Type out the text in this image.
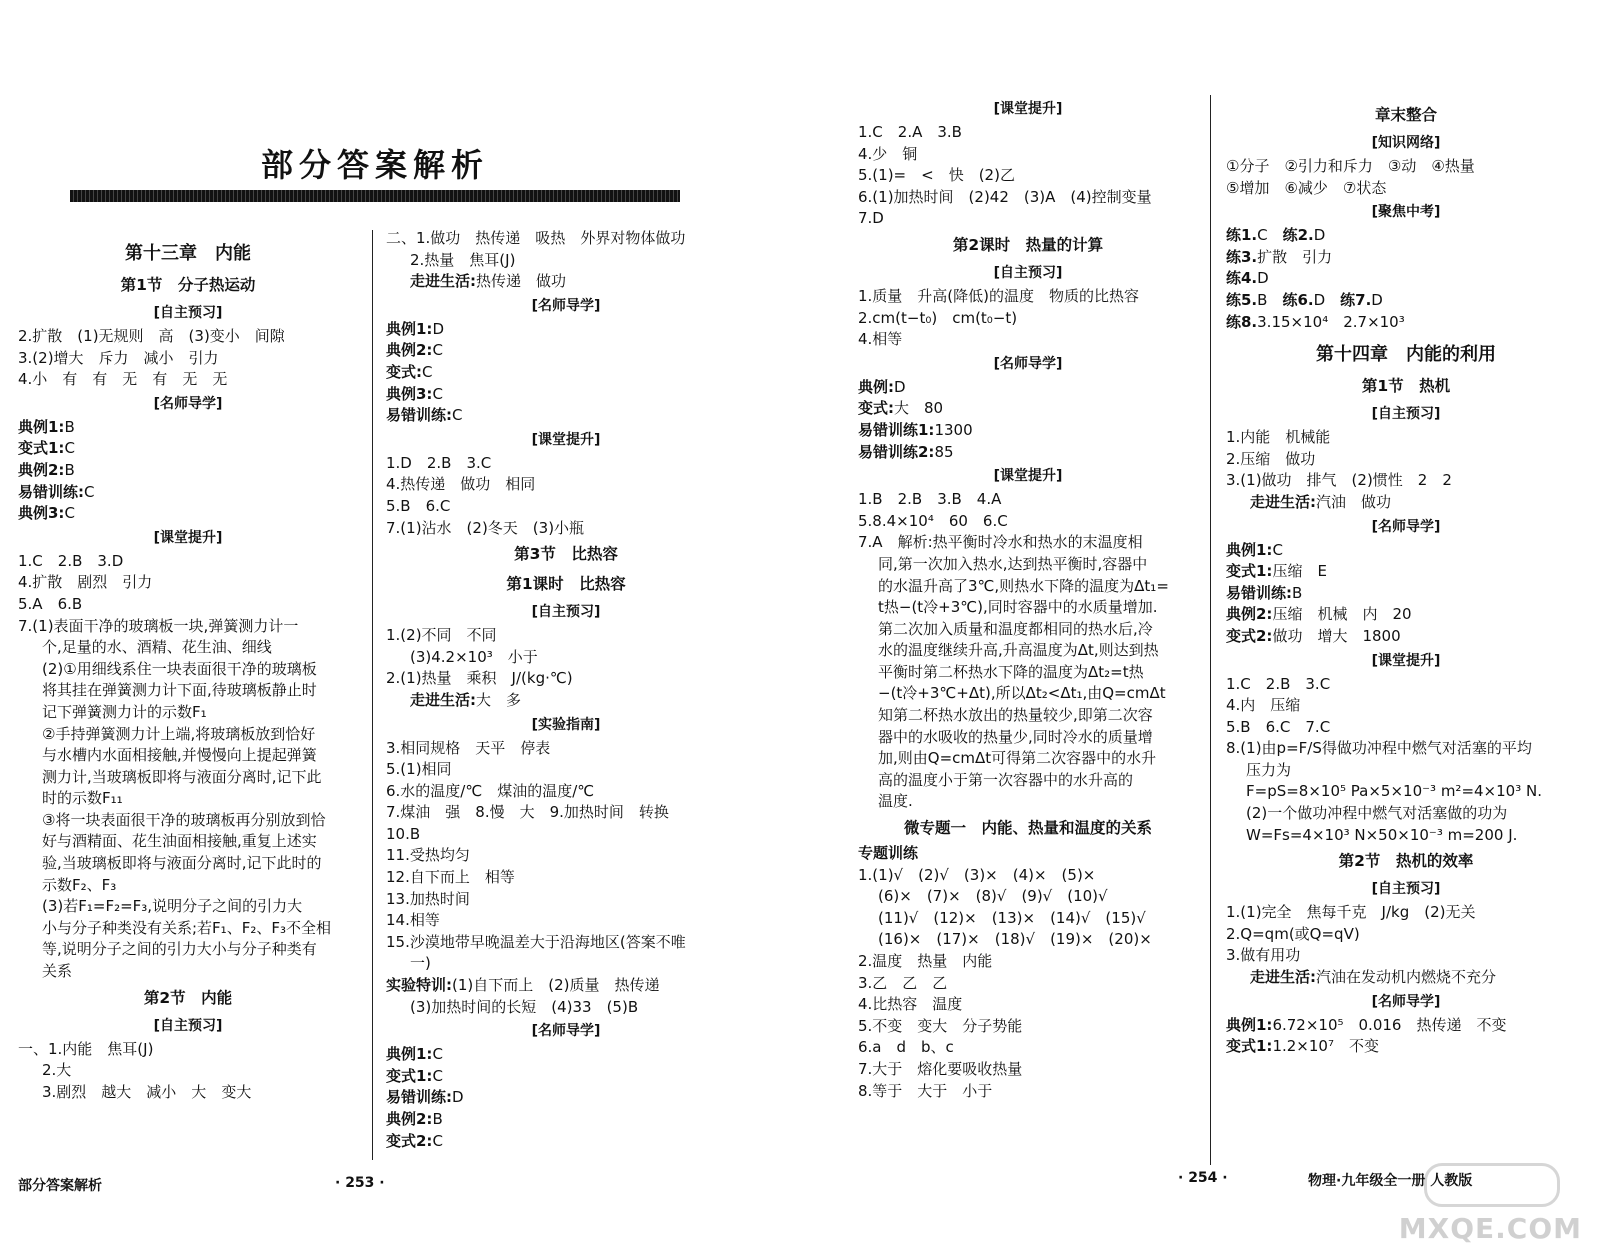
部分答案解析
第十三章　内能
第1节　分子热运动
[自主预习]
2.扩散　(1)无规则　高　(3)变小　间隙
3.(2)增大　斥力　减小　引力
4.小　有　有　无　有　无　无
[名师导学]
典例1:B
变式1:C
典例2:B
易错训练:C
典例3:C
[课堂提升]
1.C　2.B　3.D
4.扩散　剧烈　引力
5.A　6.B
7.(1)表面干净的玻璃板一块,弹簧测力计一
个,足量的水、酒精、花生油、细线
(2)①用细线系住一块表面很干净的玻璃板
将其挂在弹簧测力计下面,待玻璃板静止时
记下弹簧测力计的示数F₁
②手持弹簧测力计上端,将玻璃板放到恰好
与水槽内水面相接触,并慢慢向上提起弹簧
测力计,当玻璃板即将与液面分离时,记下此
时的示数F₁₁
③将一块表面很干净的玻璃板再分别放到恰
好与酒精面、花生油面相接触,重复上述实
验,当玻璃板即将与液面分离时,记下此时的
示数F₂、F₃
(3)若F₁=F₂=F₃,说明分子之间的引力大
小与分子种类没有关系;若F₁、F₂、F₃不全相
等,说明分子之间的引力大小与分子种类有
关系
第2节　内能
[自主预习]
一、1.内能　焦耳(J)
2.大
3.剧烈　越大　减小　大　变大
二、1.做功　热传递　吸热　外界对物体做功
2.热量　焦耳(J)
走进生活:热传递　做功
[名师导学]
典例1:D
典例2:C
变式:C
典例3:C
易错训练:C
[课堂提升]
1.D　2.B　3.C
4.热传递　做功　相同
5.B　6.C
7.(1)沾水　(2)冬天　(3)小瓶
第3节　比热容
第1课时　比热容
[自主预习]
1.(2)不同　不同
(3)4.2×10³　小于
2.(1)热量　乘积　J/(kg·℃)
走进生活:大　多
[实验指南]
3.相同规格　天平　停表
5.(1)相同
6.水的温度/℃　煤油的温度/℃
7.煤油　强　8.慢　大　9.加热时间　转换
10.B
11.受热均匀
12.自下而上　相等
13.加热时间
14.相等
15.沙漠地带早晚温差大于沿海地区(答案不唯
一)
实验特训:(1)自下而上　(2)质量　热传递
(3)加热时间的长短　(4)33　(5)B
[名师导学]
典例1:C
变式1:C
易错训练:D
典例2:B
变式2:C
部分答案解析	· 253 ·
[课堂提升]
1.C　2.A　3.B
4.少　铜
5.(1)=　<　快　(2)乙
6.(1)加热时间　(2)42　(3)A　(4)控制变量
7.D
第2课时　热量的计算
[自主预习]
1.质量　升高(降低)的温度　物质的比热容
2.cm(t−t₀)　cm(t₀−t)
4.相等
[名师导学]
典例:D
变式:大　80
易错训练1:1300
易错训练2:85
[课堂提升]
1.B　2.B　3.B　4.A
5.8.4×10⁴　60　6.C
7.A　解析:热平衡时冷水和热水的末温度相
同,第一次加入热水,达到热平衡时,容器中
的水温升高了3℃,则热水下降的温度为Δt₁=
t热−(t冷+3℃),同时容器中的水质量增加.
第二次加入质量和温度都相同的热水后,冷
水的温度继续升高,升高温度为Δt,则达到热
平衡时第二杯热水下降的温度为Δt₂=t热
−(t冷+3℃+Δt),所以Δt₂<Δt₁,由Q=cmΔt
知第二杯热水放出的热量较少,即第二次容
器中的水吸收的热量少,同时冷水的质量增
加,则由Q=cmΔt可得第二次容器中的水升
高的温度小于第一次容器中的水升高的
温度.
微专题一　内能、热量和温度的关系
专题训练
1.(1)√　(2)√　(3)×　(4)×　(5)×
(6)×　(7)×　(8)√　(9)√　(10)√
(11)√　(12)×　(13)×　(14)√　(15)√
(16)×　(17)×　(18)√　(19)×　(20)×
2.温度　热量　内能
3.乙　乙　乙
4.比热容　温度
5.不变　变大　分子势能
6.a　d　b、c
7.大于　熔化要吸收热量
8.等于　大于　小于
章末整合
[知识网络]
①分子　②引力和斥力　③动　④热量
⑤增加　⑥减少　⑦状态
[聚焦中考]
练1.C　练2.D
练3.扩散　引力
练4.D
练5.B　练6.D　练7.D
练8.3.15×10⁴　2.7×10³
第十四章　内能的利用
第1节　热机
[自主预习]
1.内能　机械能
2.压缩　做功
3.(1)做功　排气　(2)惯性　2　2
走进生活:汽油　做功
[名师导学]
典例1:C
变式1:压缩　E
易错训练:B
典例2:压缩　机械　内　20
变式2:做功　增大　1800
[课堂提升]
1.C　2.B　3.C
4.内　压缩
5.B　6.C　7.C
8.(1)由p=F/S得做功冲程中燃气对活塞的平均
压力为
F=pS=8×10⁵ Pa×5×10⁻³ m²=4×10³ N.
(2)一个做功冲程中燃气对活塞做的功为
W=Fs=4×10³ N×50×10⁻³ m=200 J.
第2节　热机的效率
[自主预习]
1.(1)完全　焦每千克　J/kg　(2)无关
2.Q=qm(或Q=qV)
3.做有用功
走进生活:汽油在发动机内燃烧不充分
[名师导学]
典例1:6.72×10⁵　0.016　热传递　不变
变式1:1.2×10⁷　不变
· 254 ·	物理·九年级全一册 人教版
MXQE.COM
